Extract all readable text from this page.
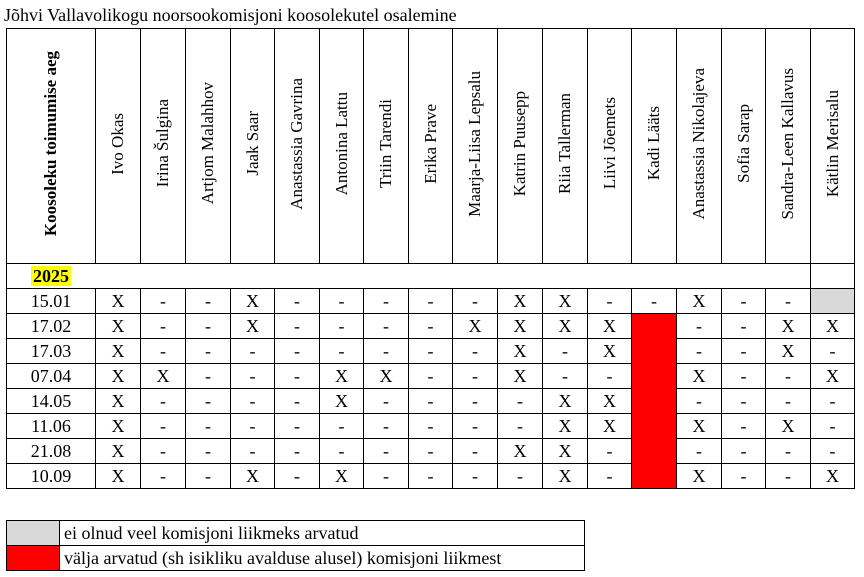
Jõhvi Vallavolikogu noorsookomisjoni koosolekutel osalemine
Koosoleku toimumise aeg	Ivo Okas	Irina Šulgina	Artjom Malahhov	Jaak Saar	Anastassia Gavrina	Antonina Lattu	Triin Tarendi	Erika Prave	Maarja-Liisa Lepsalu	Katrin Puusepp	Riia Tallerman	Liivi Jõemets	Kadi Lääts	Anastassia Nikolajeva	Sofia Sarap	Sandra-Leen Kallavus	Kätlin Merisalu
2025																	
15.01	X	-	-	X	-	-	-	-	-	X	X	-	-	X	-	-	
17.02	X	-	-	X	-	-	-	-	X	X	X	X		-	-	X	X
17.03	X	-	-	-	-	-	-	-	-	X	-	X		-	-	X	-
07.04	X	X	-	-	-	X	X	-	-	X	-	-		X	-	-	X
14.05	X	-	-	-	-	X	-	-	-	-	X	X		-	-	-	-
11.06	X	-	-	-	-	-	-	-	-	-	X	X		X	-	X	-
21.08	X	-	-	-	-	-	-	-	-	X	X	-		-	-	-	-
10.09	X	-	-	X	-	X	-	-	-	-	X	-		X	-	-	X
	ei olnud veel komisjoni liikmeks arvatud
	välja arvatud (sh isikliku avalduse alusel) komisjoni liikmest
